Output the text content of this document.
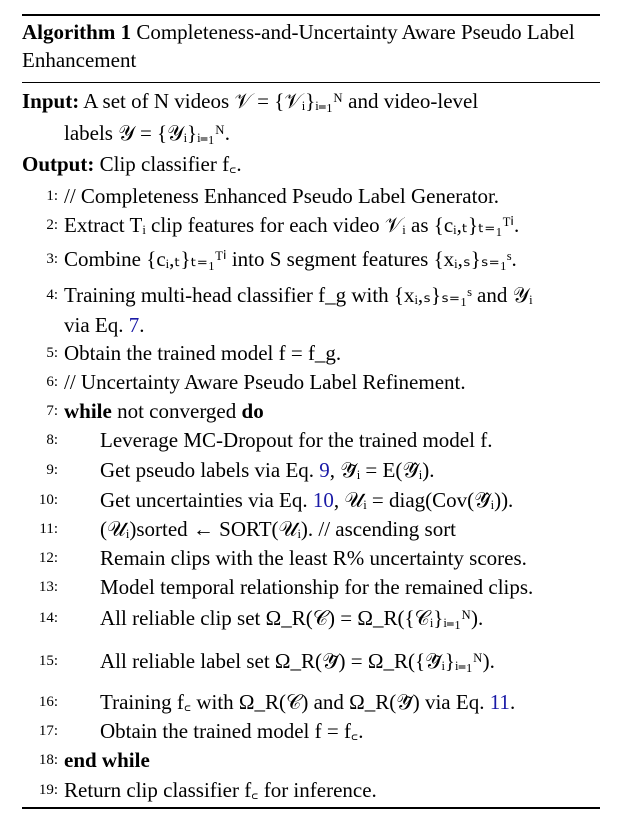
Algorithm 1 Completeness-and-Uncertainty Aware Pseudo Label Enhancement
Input: A set of N videos 𝒱 = {𝒱ᵢ}ᵢ₌₁ᴺ and video-level
labels 𝒴 = {𝒴ᵢ}ᵢ₌₁ᴺ.
Output: Clip classifier f꜀.
1: // Completeness Enhanced Pseudo Label Generator.
2: Extract Tᵢ clip features for each video 𝒱ᵢ as {cᵢ,ₜ}ₜ₌₁ᵀⁱ.
3: Combine {cᵢ,ₜ}ₜ₌₁ᵀⁱ into S segment features {xᵢ,ₛ}ₛ₌₁ˢ.
4: Training multi-head classifier f_g with {xᵢ,ₛ}ₛ₌₁ˢ and 𝒴ᵢ
via Eq. 7.
5: Obtain the trained model f = f_g.
6: // Uncertainty Aware Pseudo Label Refinement.
7: while not converged do
8: Leverage MC-Dropout for the trained model f.
9: Get pseudo labels via Eq. 9, 𝒴̃ᵢ = E(𝒴̂ᵢ).
10: Get uncertainties via Eq. 10, 𝒰ᵢ = diag(Cov(𝒴̂ᵢ)).
11: (𝒰ᵢ)sorted ← SORT(𝒰ᵢ). // ascending sort
12: Remain clips with the least R% uncertainty scores.
13: Model temporal relationship for the remained clips.
14: All reliable clip set Ω_R(𝒞) = Ω_R({𝒞ᵢ}ᵢ₌₁ᴺ).
15: All reliable label set Ω_R(𝒴̃) = Ω_R({𝒴̃ᵢ}ᵢ₌₁ᴺ).
16: Training f꜀ with Ω_R(𝒞) and Ω_R(𝒴̃) via Eq. 11.
17: Obtain the trained model f = f꜀.
18: end while
19: Return clip classifier f꜀ for inference.
